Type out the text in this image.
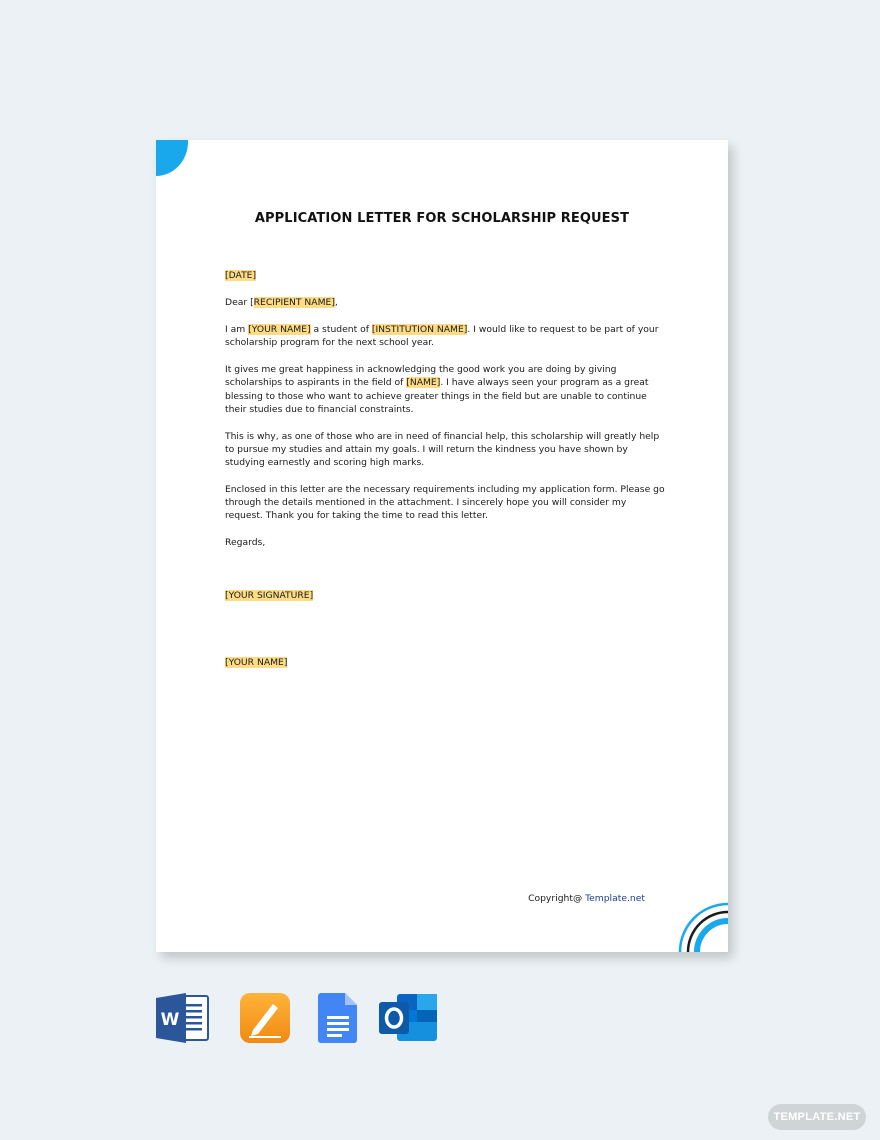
APPLICATION LETTER FOR SCHOLARSHIP REQUEST
[DATE]
Dear [RECIPIENT NAME],

I am [YOUR NAME] a student of [INSTITUTION NAME]. I would like to request to be part of your scholarship program for the next school year.

It gives me great happiness in acknowledging the good work you are doing by giving scholarships to aspirants in the field of [NAME]. I have always seen your program as a great blessing to those who want to achieve greater things in the field but are unable to continue their studies due to financial constraints.

This is why, as one of those who are in need of financial help, this scholarship will greatly help to pursue my studies and attain my goals. I will return the kindness you have shown by studying earnestly and scoring high marks.

Enclosed in this letter are the necessary requirements including my application form. Please go through the details mentioned in the attachment. I sincerely hope you will consider my request. Thank you for taking the time to read this letter.

Regards,

[YOUR SIGNATURE]

[YOUR NAME]

Copyright@ Template.net
W
TEMPLATE.NET
